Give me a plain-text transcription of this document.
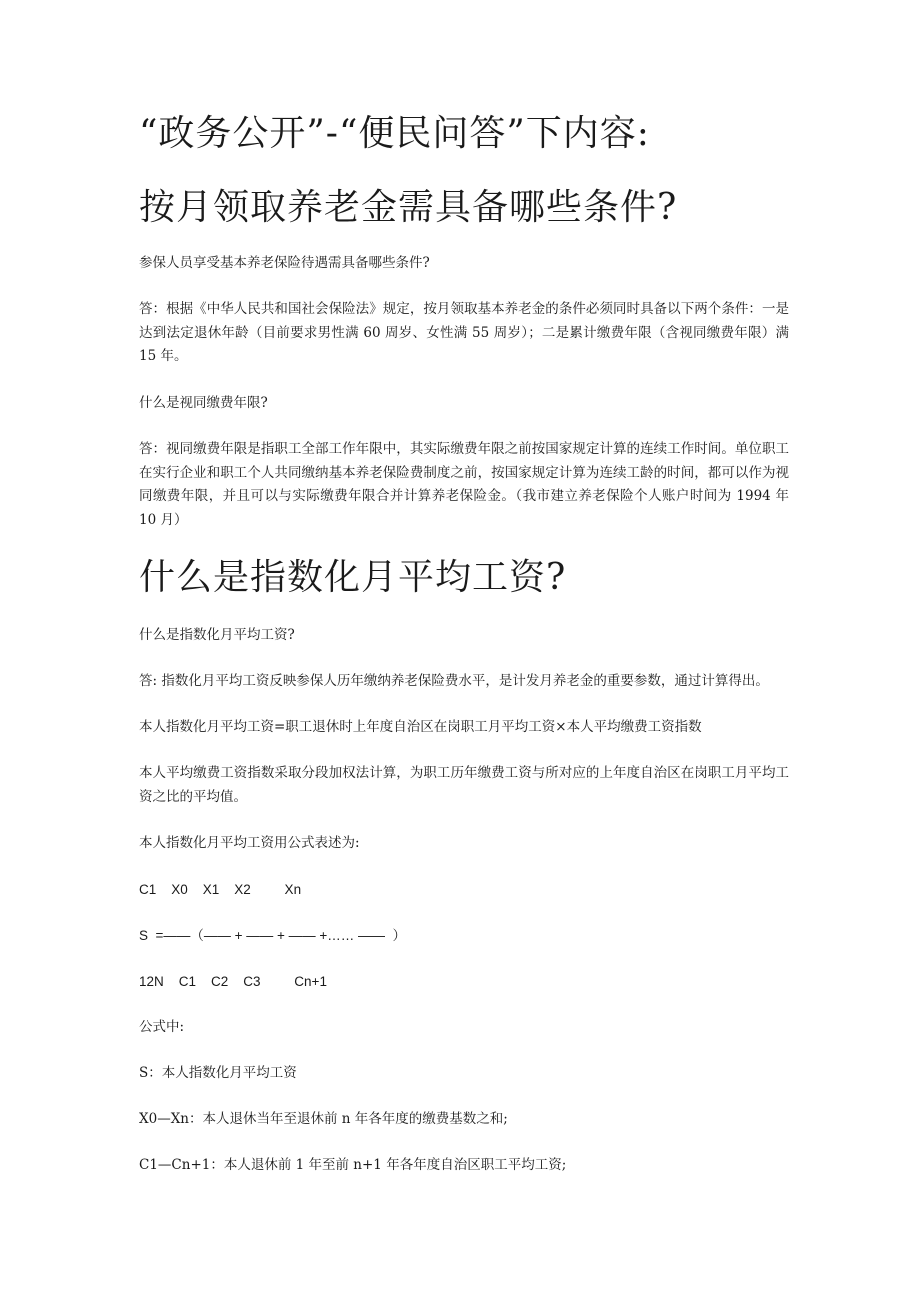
“政务公开”-“便民问答”下内容:
按月领取养老金需具备哪些条件?

参保人员享受基本养老保险待遇需具备哪些条件?

答：根据《中华人民共和国社会保险法》规定，按月领取基本养老金的条件必须同时具备以下两个条件：一是达到法定退休年龄（目前要求男性满 60 周岁、女性满 55 周岁）；二是累计缴费年限（含视同缴费年限）满 15 年。

什么是视同缴费年限?

答：视同缴费年限是指职工全部工作年限中，其实际缴费年限之前按国家规定计算的连续工作时间。单位职工在实行企业和职工个人共同缴纳基本养老保险费制度之前，按国家规定计算为连续工龄的时间，都可以作为视同缴费年限，并且可以与实际缴费年限合并计算养老保险金。（我市建立养老保险个人账户时间为 1994 年 10 月）

什么是指数化月平均工资?

什么是指数化月平均工资?

答: 指数化月平均工资反映参保人历年缴纳养老保险费水平，是计发月养老金的重要参数，通过计算得出。

本人指数化月平均工资=职工退休时上年度自治区在岗职工月平均工资×本人平均缴费工资指数

本人平均缴费工资指数采取分段加权法计算，为职工历年缴费工资与所对应的上年度自治区在岗职工月平均工资之比的平均值。

本人指数化月平均工资用公式表述为:

C1    X0    X1    X2         Xn

S  =——（—— + —— + —— +…… ——  ）

12N    C1    C2    C3         Cn+1

公式中:

S：本人指数化月平均工资

X0—Xn：本人退休当年至退休前 n 年各年度的缴费基数之和;

C1—Cn+1：本人退休前 1 年至前 n+1 年各年度自治区职工平均工资;
